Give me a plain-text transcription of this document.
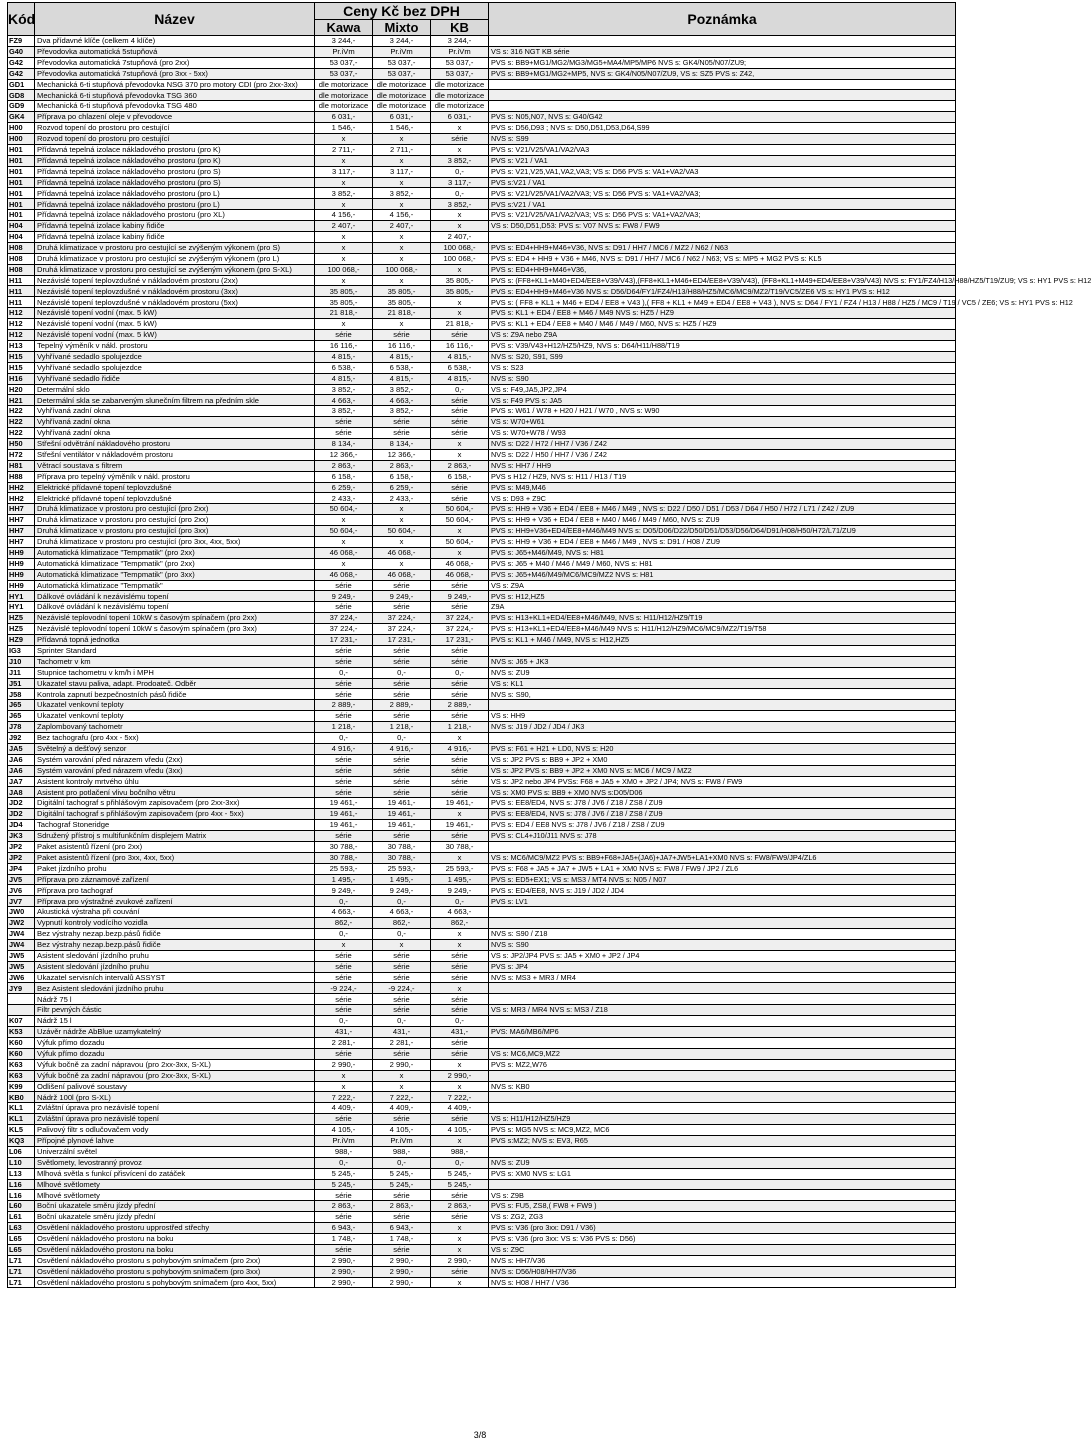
Kód	Název	Ceny Kč bez DPH			Poznámka
		Kawa	Mixto	KB	
FZ9	Dva přídavné klíče (celkem 4 klíče)	3 244,-	3 244,-	3 244,-	
G40	Převodovka automatická 5stupňová	Pr.iVm	Pr.iVm	Pr.iVm	VS s: 316 NGT KB série
G42	Převodovka automatická 7stupňová (pro 2xx)	53 037,-	53 037,-	53 037,-	PVS s: BB9+MG1/MG2/MG3/MG5+MA4/MP5/MP6 NVS s: GK4/N05/N07/ZU9;
G42	Převodovka automatická 7stupňová (pro 3xx - 5xx)	53 037,-	53 037,-	53 037,-	PVS s: BB9+MG1/MG2+MP5, NVS s: GK4/N05/N07/ZU9, VS s: SZ5 PVS s: Z42,
GD1	Mechanická 6-ti stupňová převodovka NSG 370 pro motory CDI (pro 2xx-3xx)	dle motorizace	dle motorizace	dle motorizace	
GD8	Mechanická 6-ti stupňová převodovka TSG 360	dle motorizace	dle motorizace	dle motorizace	
GD9	Mechanická 6-ti stupňová převodovka TSG 480	dle motorizace	dle motorizace	dle motorizace	
GK4	Příprava po chlazení oleje v převodovce	6 031,-	6 031,-	6 031,-	PVS s: N05,N07, NVS s: G40/G42
H00	Rozvod topení do prostoru pro cestující	1 546,-	1 546,-	x	PVS s: D56,D93 ; NVS s: D50,D51,D53,D64,S99
H00	Rozvod topení do prostoru pro cestující	x	x	série	NVS s: S99
H01	Přídavná tepelná izolace nákladového prostoru (pro K)	2 711,-	2 711,-	x	PVS s: V21/V25/VA1/VA2/VA3
H01	Přídavná tepelná izolace nákladového prostoru (pro K)	x	x	3 852,-	PVS s: V21 / VA1
H01	Přídavná tepelná izolace nákladového prostoru (pro S)	3 117,-	3 117,-	0,-	PVS s: V21,V25,VA1,VA2,VA3; VS s: D56 PVS s: VA1+VA2/VA3
H01	Přídavná tepelná izolace nákladového prostoru (pro S)	x	x	3 117,-	PVS s:V21 / VA1
H01	Přídavná tepelná izolace nákladového prostoru (pro L)	3 852,-	3 852,-	0,-	PVS s: V21/V25/VA1/VA2/VA3; VS s: D56 PVS s: VA1+VA2/VA3;
H01	Přídavná tepelná izolace nákladového prostoru (pro L)	x	x	3 852,-	PVS s:V21 / VA1
H01	Přídavná tepelná izolace nákladového prostoru (pro XL)	4 156,-	4 156,-	x	PVS s: V21/V25/VA1/VA2/VA3; VS s: D56 PVS s: VA1+VA2/VA3;
H04	Přídavná tepelná izolace kabiny řidiče	2 407,-	2 407,-	x	VS s: D50,D51,D53: PVS s: V07 NVS s: FW8 / FW9
H04	Přídavná tepelná izolace kabiny řidiče	x	x	2 407,-	
H08	Druhá klimatizace v prostoru pro cestující se zvýšeným výkonem (pro S)	x	x	100 068,-	PVS s: ED4+HH9+M46+V36, NVS s: D91 / HH7 / MC6 / MZ2 / N62 / N63
H08	Druhá klimatizace v prostoru pro cestující se zvýšeným výkonem (pro L)	x	x	100 068,-	PVS s: ED4 + HH9 + V36 + M46, NVS s: D91 / HH7 / MC6 / N62 / N63; VS s: MP5 + MG2 PVS s: KL5
H08	Druhá klimatizace v prostoru pro cestující se zvýšeným výkonem (pro S-XL)	100 068,-	100 068,-	x	PVS s: ED4+HH9+M46+V36,
H11	Nezávislé topení teplovzdušné v nákladovém prostoru (2xx)	x	x	35 805,-	PVS s: (FF8+KL1+M40+ED4/EE8+V39/V43),(FF8+KL1+M46+ED4/EE8+V39/V43), (FF8+KL1+M49+ED4/EE8+V39/V43) NVS s: FY1/FZ4/H13/H88/HZ5/T19/ZU9; VS s: HY1 PVS s: H12
H11	Nezávislé topení teplovzdušné v nákladovém prostoru (3xx)	35 805,-	35 805,-	35 805,-	PVS s: ED4+HH9+M46+V36 NVS s: D56/D64/FY1/FZ4/H13/H88/HZ5/MC6/MC9/MZ2/T19/VC5/ZE6 VS s: HY1 PVS s: H12
H11	Nezávislé topení teplovzdušné v nákladovém prostoru (5xx)	35 805,-	35 805,-	x	PVS s: ( FF8 + KL1 + M46 + ED4 / EE8 + V43 ),( FF8 + KL1 + M49 + ED4 / EE8 + V43 ), NVS s: D64 / FY1 / FZ4 / H13 / H88 / HZ5 / MC9 / T19 / VC5 / ZE6; VS s: HY1 PVS s: H12
H12	Nezávislé topení vodní (max. 5 kW)	21 818,-	21 818,-	x	PVS s: KL1 + ED4 / EE8 + M46 / M49 NVS s: HZ5 / HZ9
H12	Nezávislé topení vodní (max. 5 kW)	x	x	21 818,-	PVS s: KL1 + ED4 / EE8 + M40 / M46 / M49 / M60, NVS s: HZ5 / HZ9
H12	Nezávislé topení vodní (max. 5 kW)	série	série	série	VS s: Z9A nebo Z9A
H13	Tepelný výměník v nákl. prostoru	16 116,-	16 116,-	16 116,-	PVS s: V39/V43+H12/HZ5/HZ9, NVS s: D64/H11/H88/T19
H15	Vyhřívané sedadlo spolujezdce	4 815,-	4 815,-	4 815,-	NVS s: S20, S91, S99
H15	Vyhřívané sedadlo spolujezdce	6 538,-	6 538,-	6 538,-	VS s: S23
H16	Vyhřívané sedadlo řidiče	4 815,-	4 815,-	4 815,-	NVS s: S90
H20	Determální sklo	3 852,-	3 852,-	0,-	VS s: F49,JA5,JP2,JP4
H21	Determální skla se zabarveným slunečním filtrem na předním skle	4 663,-	4 663,-	série	VS s: F49 PVS s: JA5
H22	Vyhřívaná zadní okna	3 852,-	3 852,-	série	PVS s: W61 / W78 + H20 / H21 / W70 , NVS s: W90
H22	Vyhřívaná zadní okna	série	série	série	VS s: W70+W61
H22	Vyhřívaná zadní okna	série	série	série	VS s: W70+W78 / W93
H50	Střešní odvětrání nákladového prostoru	8 134,-	8 134,-	x	NVS s: D22 / H72 / HH7 / V36 / Z42
H72	Střešní ventilátor v nákladovém prostoru	12 366,-	12 366,-	x	NVS s: D22 / H50 / HH7 / V36 / Z42
H81	Větrací soustava s filtrem	2 863,-	2 863,-	2 863,-	NVS s: HH7 / HH9
H88	Příprava pro tepelný výměník v nákl. prostoru	6 158,-	6 158,-	6 158,-	PVS s H12 / HZ9, NVS s: H11 / H13 / T19
HH2	Elektrické přídavné topení teplovzdušné	6 259,-	6 259,-	série	PVS s: M49,M46
HH2	Elektrické přídavné topení teplovzdušné	2 433,-	2 433,-	série	VS s: D93 + Z9C
HH7	Druhá klimatizace v prostoru pro cestující (pro 2xx)	50 604,-	x	50 604,-	PVS s: HH9 + V36 + ED4 / EE8 + M46 / M49 , NVS s: D22 / D50 / D51 / D53 / D64 / H50 / H72 / L71 / Z42 / ZU9
HH7	Druhá klimatizace v prostoru pro cestující (pro 2xx)	x	x	50 604,-	PVS s: HH9 + V36 + ED4 / EE8 + M40 / M46 / M49 / M60, NVS s: ZU9
HH7	Druhá klimatizace v prostoru pro cestující (pro 3xx)	50 604,-	50 604,-	x	PVS s: HH9+V36+ED4/EE8+M46/M49 NVS s: D05/D06/D22/D50/D51/D53/D56/D64/D91/H08/H50/H72/L71/ZU9
HH7	Druhá klimatizace v prostoru pro cestující (pro 3xx, 4xx, 5xx)	x	x	50 604,-	PVS s: HH9 + V36 + ED4 / EE8 + M46 / M49 , NVS s: D91 / H08 / ZU9
HH9	Automatická klimatizace "Tempmatik" (pro 2xx)	46 068,-	46 068,-	x	PVS s: J65+M46/M49, NVS s: H81
HH9	Automatická klimatizace "Tempmatik" (pro 2xx)	x	x	46 068,-	PVS s: J65 + M40 / M46 / M49 / M60, NVS s: H81
HH9	Automatická klimatizace "Tempmatik" (pro 3xx)	46 068,-	46 068,-	46 068,-	PVS s: J65+M46/M49/MC6/MC9/MZ2 NVS s: H81
HH9	Automatická klimatizace "Tempmatik"	série	série	série	VS s: Z9A
HY1	Dálkové ovládání k nezávislému topení	9 249,-	9 249,-	9 249,-	PVS s: H12,HZ5
HY1	Dálkové ovládání k nezávislému topení	série	série	série	Z9A
HZ5	Nezávislé teplovodní topení 10kW s časovým spínačem (pro 2xx)	37 224,-	37 224,-	37 224,-	PVS s: H13+KL1+ED4/EE8+M46/M49, NVS s: H11/H12/HZ9/T19
HZ5	Nezávislé teplovodní topení 10kW s časovým spínačem (pro 3xx)	37 224,-	37 224,-	37 224,-	PVS s: H13+KL1+ED4/EE8+M46/M49 NVS s: H11/H12/HZ9/MC6/MC9/MZ2/T19/T58
HZ9	Přídavná topná jednotka	17 231,-	17 231,-	17 231,-	PVS s: KL1 + M46 / M49, NVS s: H12,HZ5
IG3	Sprinter Standard	série	série	série	
J10	Tachometr v km	série	série	série	NVS s: J65 + JK3
J11	Stupnice tachometru v km/h i MPH	0,-	0,-	0,-	NVS s: ZU9
J51	Ukazatel stavu paliva, adapt. Prodoateč. Odběr	série	série	série	VS s: KL1
J58	Kontrola zapnutí bezpečnostních pásů řidiče	série	série	série	NVS s: S90,
J65	Ukazatel venkovní teploty	2 889,-	2 889,-	2 889,-	
J65	Ukazatel venkovní teploty	série	série	série	VS s: HH9
J78	Zaplombovaný tachometr	1 218,-	1 218,-	1 218,-	NVS s: J19 / JD2 / JD4 / JK3
J92	Bez tachografu (pro 4xx - 5xx)	0,-	0,-	x	
JA5	Světelný a dešťový senzor	4 916,-	4 916,-	4 916,-	PVS s: F61 + H21 + LD0, NVS s: H20
JA6	Systém varování před nárazem vředu (2xx)	série	série	série	VS s: JP2 PVS s: BB9 + JP2 + XM0
JA6	Systém varování před nárazem vředu (3xx)	série	série	série	VS s: JP2 PVS s: BB9 + JP2 + XM0 NVS s: MC6 / MC9 / MZ2
JA7	Asistent kontroly mrtvého úhlu	série	série	série	VS s: JP2 nebo JP4 PVSs: F68 + JA5 + XM0 + JP2 / JP4; NVS s: FW8 / FW9
JA8	Asistent pro potlačení vlivu bočního větru	série	série	série	VS s: XM0 PVS s: BB9 + XM0 NVS s:D05/D06
JD2	Digitální tachograf s přihlášovým zapisovačem (pro 2xx-3xx)	19 461,-	19 461,-	19 461,-	PVS s: EE8/ED4, NVS s: J78 / JV6 / Z18 / ZS8 / ZU9
JD2	Digitální tachograf s přihlášovým zapisovačem (pro 4xx - 5xx)	19 461,-	19 461,-	x	PVS s: EE8/ED4, NVS s: J78 / JV6 / Z18 / ZS8 / ZU9
JD4	Tachograf Stoneridge	19 461,-	19 461,-	19 461,-	PVS s: ED4 / EE8 NVS s: J78 / JV6 / Z18 / ZS8 / ZU9
JK3	Sdružený přístroj s multifunkčním displejem Matrix	série	série	série	PVS s: CL4+J10/J11 NVS s: J78
JP2	Paket asistentů řízení (pro 2xx)	30 788,-	30 788,-	30 788,-	
JP2	Paket asistentů řízení (pro 3xx, 4xx, 5xx)	30 788,-	30 788,-	x	VS s: MC6/MC9/MZ2 PVS s: BB9+F68+JA5+(JA6)+JA7+JW5+LA1+XM0 NVS s: FW8/FW9/JP4/ZL6
JP4	Paket jízdního prohu	25 593,-	25 593,-	25 593,-	PVS s: F68 + JA5 + JA7 + JW5 + LA1 + XM0 NVS s: FW8 / FW9 / JP2 / ZL6
JV5	Příprava pro záznamové zařízení	1 495,-	1 495,-	1 495,-	PVS s: ED5+EX1; VS s: MS3 / MT4 NVS s: N05 / N07
JV6	Příprava pro tachograf	9 249,-	9 249,-	9 249,-	PVS s: ED4/EE8, NVS s: J19 / JD2 / JD4
JV7	Příprava pro výstražné zvukové zařízení	0,-	0,-	0,-	PVS s: LV1
JW0	Akustická výstraha při couvání	4 663,-	4 663,-	4 663,-	
JW2	Vypnutí kontroly vodícího vozidla	862,-	862,-	862,-	
JW4	Bez výstrahy nezap.bezp.pásů řidiče	0,-	0,-	x	NVS s: S90 / Z18
JW4	Bez výstrahy nezap.bezp.pásů řidiče	x	x	x	NVS s: S90
JW5	Asistent sledování jízdního pruhu	série	série	série	VS s: JP2/JP4 PVS s: JA5 + XM0 + JP2 / JP4
JW5	Asistent sledování jízdního pruhu	série	série	série	PVS s: JP4
JW6	Ukazatel servisních intervalů ASSYST	série	série	série	NVS s: MS3 + MR3 / MR4
JY9	Bez Asistent sledování jízdního pruhu	-9 224,-	-9 224,-	x	
	Nádrž 75 l	série	série	série	
	Filtr pevných částic	série	série	série	VS s: MR3 / MR4 NVS s: MS3 / Z18
K07	Nádrž 15 l	0,-	0,-	0,-	
K53	Uzávěr nádrže AbBlue uzamykatelný	431,-	431,-	431,-	PVS: MA6/MB6/MP6
K60	Výfuk přímo dozadu	2 281,-	2 281,-	série	
K60	Výfuk přímo dozadu	série	série	série	VS s: MC6,MC9,MZ2
K63	Výfuk bočně za zadní nápravou (pro 2xx-3xx, S-XL)	2 990,-	2 990,-	x	PVS s: MZ2,W76
K63	Výfuk bočně za zadní nápravou (pro 2xx-3xx, S-XL)	x	x	2 990,-	
K99	Odlišení palivové soustavy	x	x	x	NVS s: KB0
KB0	Nádrž 100l (pro S-XL)	7 222,-	7 222,-	7 222,-	
KL1	Zvláštní úprava pro nezávislé topení	4 409,-	4 409,-	4 409,-	
KL1	Zvláštní úprava pro nezávislé topení	série	série	série	VS s: H11/H12/HZ5/HZ9
KL5	Palivový filtr s odlučovačem vody	4 105,-	4 105,-	4 105,-	PVS s: MG5 NVS s: MC9,MZ2, MC6
KQ3	Přípojné plynové lahve	Pr.iVm	Pr.iVm	x	PVS s:MZ2; NVS s: EV3, R65
L06	Univerzální světel	988,-	988,-	988,-	
L10	Světlomety, levostranný provoz	0,-	0,-	0,-	NVS s: ZU9
L13	Mlhová světla s funkcí přisvícení do zatáček	5 245,-	5 245,-	5 245,-	PVS s: XM0 NVS s: LG1
L16	Mlhové světlomety	5 245,-	5 245,-	5 245,-	
L16	Mlhové světlomety	série	série	série	VS s: Z9B
L60	Boční ukazatele směru jízdy přední	2 863,-	2 863,-	2 863,-	PVS s: FU5, ZS8,( FW8 + FW9 )
L61	Boční ukazatele směru jízdy přední	série	série	série	VS s: ZG2, ZG3
L63	Osvětlení nákladového prostoru upprostřed střechy	6 943,-	6 943,-	x	PVS s: V36 (pro 3xx: D91 / V36)
L65	Osvětlení nákladového prostoru na boku	1 748,-	1 748,-	x	PVS s: V36 (pro 3xx: VS s: V36 PVS s: D56)
L65	Osvětlení nákladového prostoru na boku	série	série	x	VS s: Z9C
L71	Osvětlení nákladového prostoru s pohybovým snímačem (pro 2xx)	2 990,-	2 990,-	2 990,-	NVS s: HH7/V36
L71	Osvětlení nákladového prostoru s pohybovým snímačem (pro 3xx)	2 990,-	2 990,-	série	NVS s: D56/H08/HH7/V36
L71	Osvětlení nákladového prostoru s pohybovým snímačem (pro 4xx, 5xx)	2 990,-	2 990,-	x	NVS s: H08 / HH7 / V36
3/8
